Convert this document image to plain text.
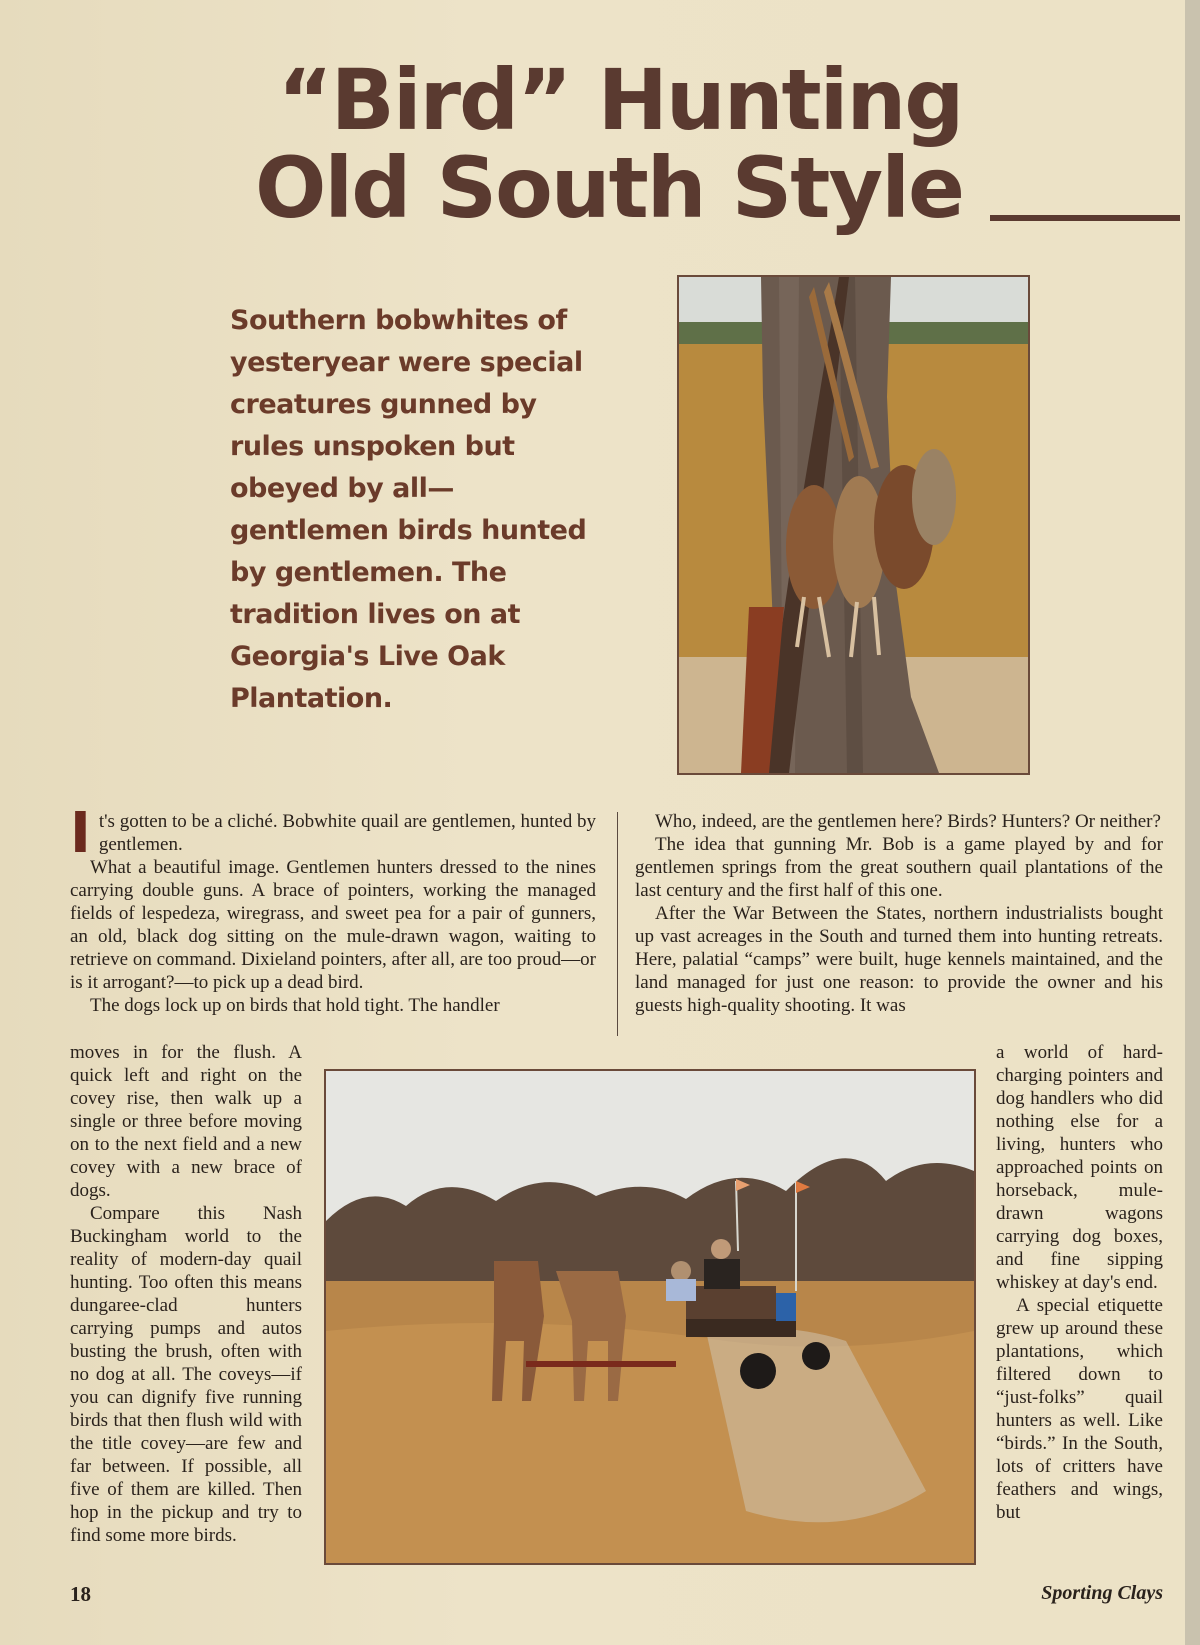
“Bird” Hunting
Old South Style

Southern bobwhites of yesteryear were special creatures gunned by rules unspoken but obeyed by all—gentlemen birds hunted by gentlemen. The tradition lives on at Georgia's Live Oak Plantation.

I t's gotten to be a cliché. Bobwhite quail are gentlemen, hunted by gentlemen.

What a beautiful image. Gentlemen hunters dressed to the nines carrying double guns. A brace of pointers, working the managed fields of lespedeza, wiregrass, and sweet pea for a pair of gunners, an old, black dog sitting on the mule-drawn wagon, waiting to retrieve on command. Dixieland pointers, after all, are too proud—or is it arrogant?—to pick up a dead bird.

The dogs lock up on birds that hold tight. The handler

Who, indeed, are the gentlemen here? Birds? Hunters? Or neither?

The idea that gunning Mr. Bob is a game played by and for gentlemen springs from the great southern quail plantations of the last century and the first half of this one.

After the War Between the States, northern industrialists bought up vast acreages in the South and turned them into hunting retreats. Here, palatial “camps” were built, huge kennels maintained, and the land managed for just one reason: to provide the owner and his guests high-quality shooting. It was

moves in for the flush. A quick left and right on the covey rise, then walk up a single or three before moving on to the next field and a new covey with a new brace of dogs.

Compare this Nash Buckingham world to the reality of modern-day quail hunting. Too often this means dungaree-clad hunters carrying pumps and autos busting the brush, often with no dog at all. The coveys—if you can dignify five running birds that then flush wild with the title covey—are few and far between. If possible, all five of them are killed. Then hop in the pickup and try to find some more birds.

a world of hard-charging pointers and dog handlers who did nothing else for a living, hunters who approached points on horseback, mule-drawn wagons carrying dog boxes, and fine sipping whiskey at day's end.

A special etiquette grew up around these plantations, which filtered down to “just-folks” quail hunters as well. Like “birds.” In the South, lots of critters have feathers and wings, but

18	Sporting Clays
